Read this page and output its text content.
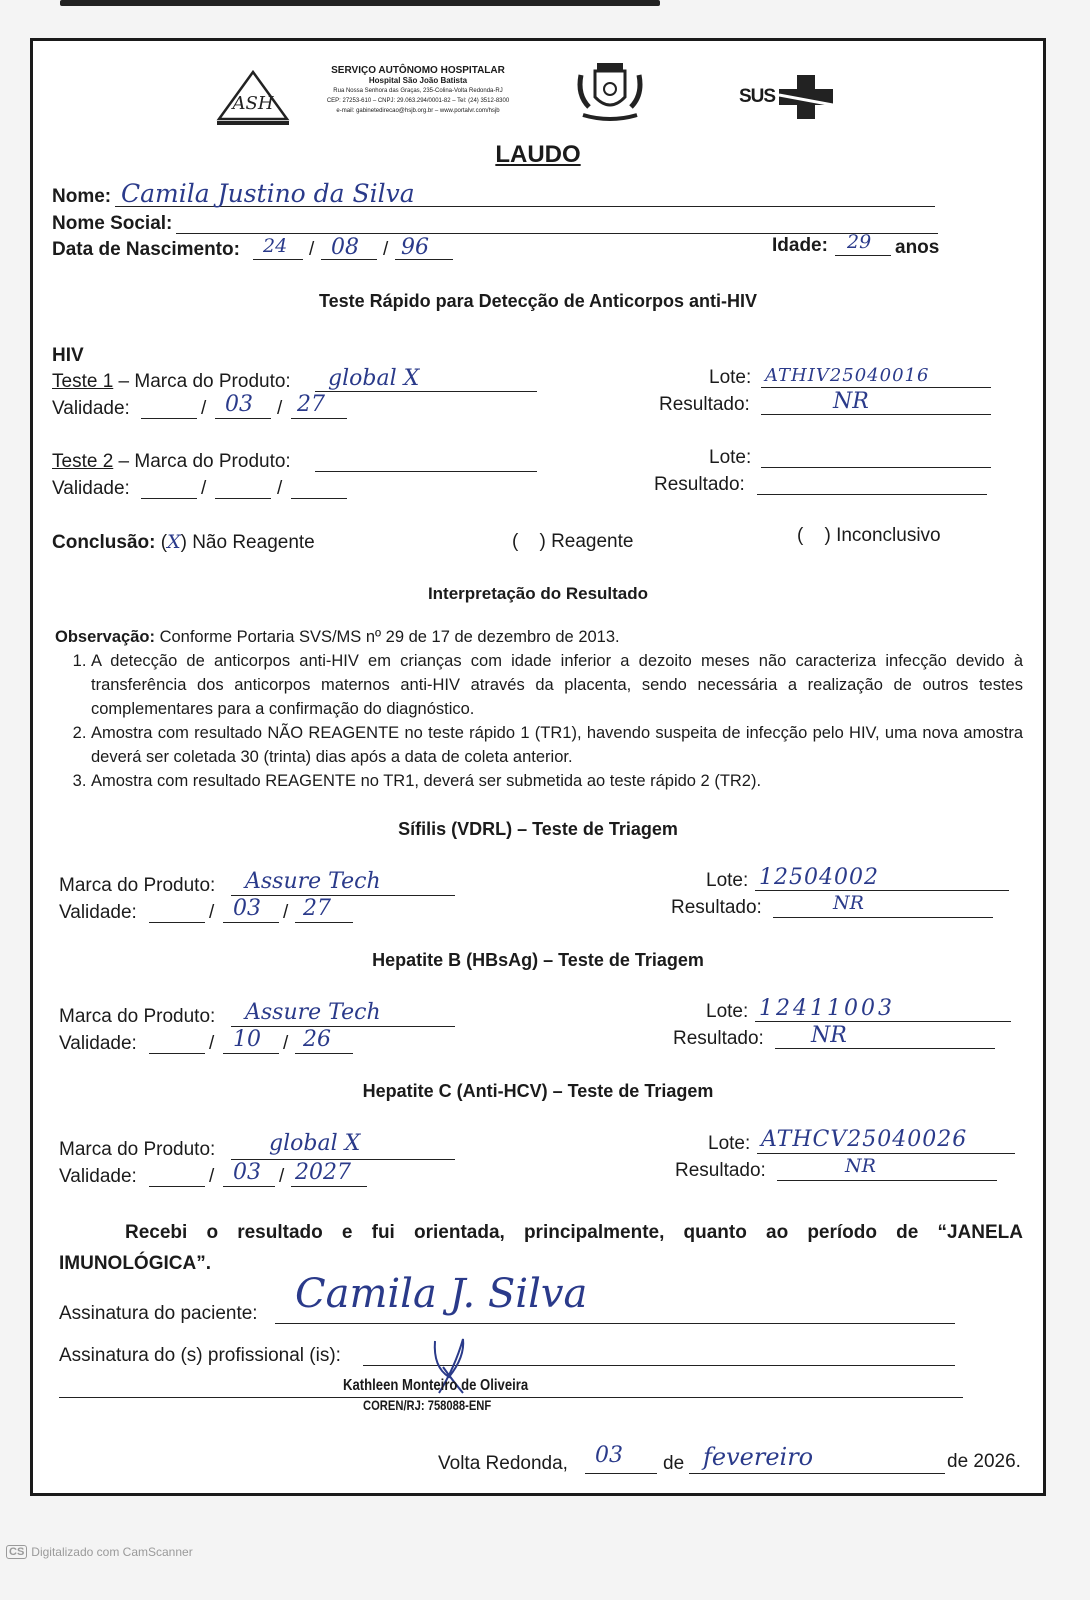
ASH
SERVIÇO AUTÔNOMO HOSPITALAR
Hospital São João Batista
Rua Nossa Senhora das Graças, 235-Colina-Volta Redonda-RJ
CEP: 27253-610 – CNPJ: 29.063.294/0001-82 – Tel: (24) 3512-8300
e-mail: gabinetedirecao@hsjb.org.br – www.portalvr.com/hsjb
SUS
LAUDO
Nome: Camila Justino da Silva
Nome Social:
Data de Nascimento: 24 / 08 / 96	Idade: 29 anos
Teste Rápido para Detecção de Anticorpos anti-HIV
HIV
Teste 1 – Marca do Produto: global X
Validade:	/ 03 / 27
Lote: ATHIV25040016
Resultado:	NR
Teste 2 – Marca do Produto:
Validade:	/	/
Lote:
Resultado:
Conclusão: (X) Não Reagente	(    ) Reagente	(    ) Inconclusivo
Interpretação do Resultado
Observação: Conforme Portaria SVS/MS nº 29 de 17 de dezembro de 2013.
1. A detecção de anticorpos anti-HIV em crianças com idade inferior a dezoito meses não caracteriza infecção devido à transferência dos anticorpos maternos anti-HIV através da placenta, sendo necessária a realização de outros testes complementares para a confirmação do diagnóstico.
2. Amostra com resultado NÃO REAGENTE no teste rápido 1 (TR1), havendo suspeita de infecção pelo HIV, uma nova amostra deverá ser coletada 30 (trinta) dias após a data de coleta anterior.
3. Amostra com resultado REAGENTE no TR1, deverá ser submetida ao teste rápido 2 (TR2).
Sífilis (VDRL) – Teste de Triagem
Marca do Produto: Assure Tech
Validade:	/ 03 / 27
Lote: 12504002
Resultado:	NR
Hepatite B (HBsAg) – Teste de Triagem
Marca do Produto: Assure Tech
Validade:	/ 10 / 26
Lote: 12411003
Resultado: NR
Hepatite C (Anti-HCV) – Teste de Triagem
Marca do Produto: global X
Validade:	/ 03 / 2027
Lote: ATHCV25040026
Resultado:	NR
Recebi o resultado e fui orientada, principalmente, quanto ao período de “JANELA IMUNOLÓGICA”.
Assinatura do paciente: Camila J. Silva
Assinatura do (s) profissional (is):
Kathleen Monteiro de Oliveira
COREN/RJ: 758088-ENF
Volta Redonda, 03 de fevereiro	de 2026.
CS Digitalizado com CamScanner
